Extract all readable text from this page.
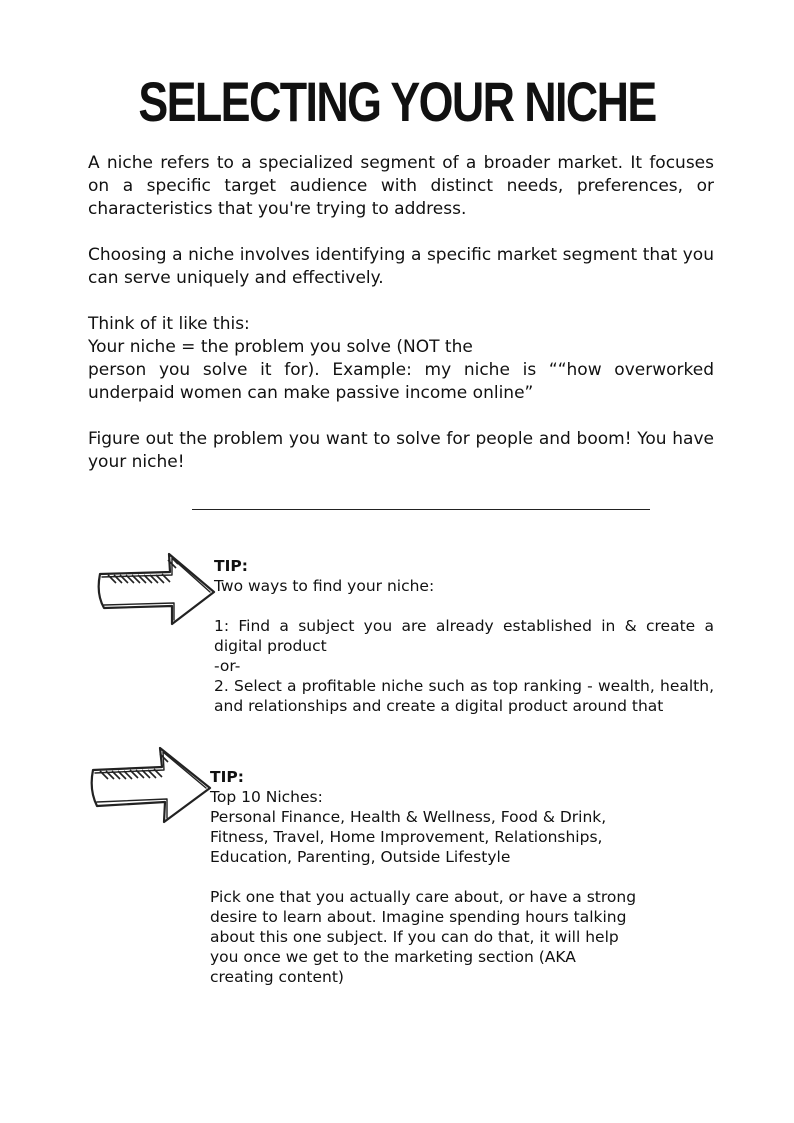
SELECTING YOUR NICHE

A niche refers to a specialized segment of a broader market. It focuses on a specific target audience with distinct needs, preferences, or characteristics that you're trying to address.

Choosing a niche involves identifying a specific market segment that you can serve uniquely and effectively.

Think of it like this:

Your niche = the problem you solve (NOT the

person you solve it for). Example: my niche is ““how overworked underpaid women can make passive income online”

Figure out the problem you want to solve for people and boom! You have your niche!

TIP:
Two ways to find your niche:
1: Find a subject you are already established in & create a digital product
-or-
2. Select a profitable niche such as top ranking - wealth, health, and relationships and create a digital product around that
TIP:
Top 10 Niches:
Personal Finance, Health & Wellness, Food & Drink,
Fitness, Travel, Home Improvement, Relationships,
Education, Parenting, Outside Lifestyle
Pick one that you actually care about, or have a strong
desire to learn about. Imagine spending hours talking
about this one subject. If you can do that, it will help
you once we get to the marketing section (AKA
creating content)
